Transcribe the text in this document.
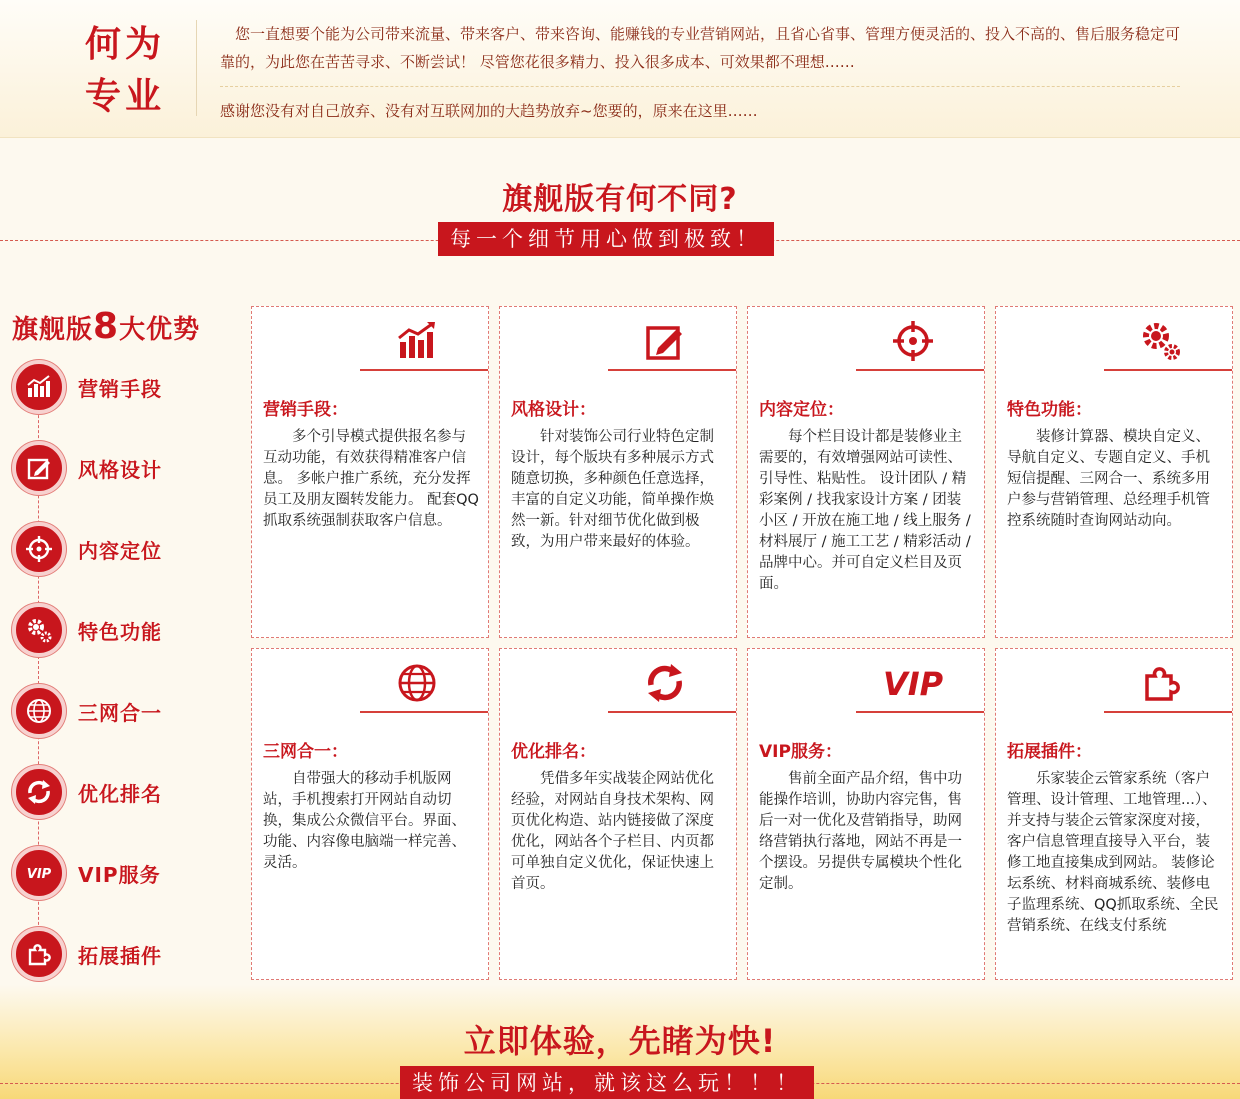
何为
专业

您一直想要个能为公司带来流量、带来客户、带来咨询、能赚钱的专业营销网站，且省心省事、管理方便灵活的、投入不高的、售后服务稳定可靠的，为此您在苦苦寻求、不断尝试！ 尽管您花很多精力、投入很多成本、可效果都不理想……

感谢您没有对自己放弃、没有对互联网加的大趋势放弃~您要的，原来在这里……

旗舰版有何不同?
每一个细节用心做到极致！
旗舰版8大优势
营销手段
风格设计
内容定位
特色功能
三网合一
优化排名
VIP VIP服务
拓展插件
营销手段：
多个引导模式提供报名参与互动功能，有效获得精准客户信息。 多帐户推广系统，充分发挥员工及朋友圈转发能力。 配套QQ抓取系统强制获取客户信息。
风格设计：
针对装饰公司行业特色定制设计，每个版块有多种展示方式随意切换，多种颜色任意选择，丰富的自定义功能，简单操作焕然一新。针对细节优化做到极致，为用户带来最好的体验。
内容定位：
每个栏目设计都是装修业主需要的，有效增强网站可读性、引导性、粘贴性。 设计团队 / 精彩案例 / 找我家设计方案 / 团装小区 / 开放在施工地 / 线上服务 / 材料展厅 / 施工工艺 / 精彩活动 / 品牌中心。并可自定义栏目及页面。
特色功能：
装修计算器、模块自定义、导航自定义、专题自定义、手机短信提醒、三网合一、系统多用户参与营销管理、总经理手机管控系统随时查询网站动向。
三网合一：
自带强大的移动手机版网站，手机搜索打开网站自动切换，集成公众微信平台。界面、功能、内容像电脑端一样完善、灵活。
优化排名：
凭借多年实战装企网站优化经验，对网站自身技术架构、网页优化构造、站内链接做了深度优化，网站各个子栏目、内页都可单独自定义优化，保证快速上首页。
VIP
VIP服务：
售前全面产品介绍，售中功能操作培训，协助内容完售，售后一对一优化及营销指导，助网络营销执行落地，网站不再是一个摆设。另提供专属模块个性化定制。
拓展插件：
乐家装企云管家系统（客户管理、设计管理、工地管理...）、 并支持与装企云管家深度对接，客户信息管理直接导入平台，装修工地直接集成到网站。 装修论坛系统、材料商城系统、装修电子监理系统、QQ抓取系统、全民营销系统、在线支付系统
立即体验，先睹为快!
装饰公司网站，就该这么玩！！！
